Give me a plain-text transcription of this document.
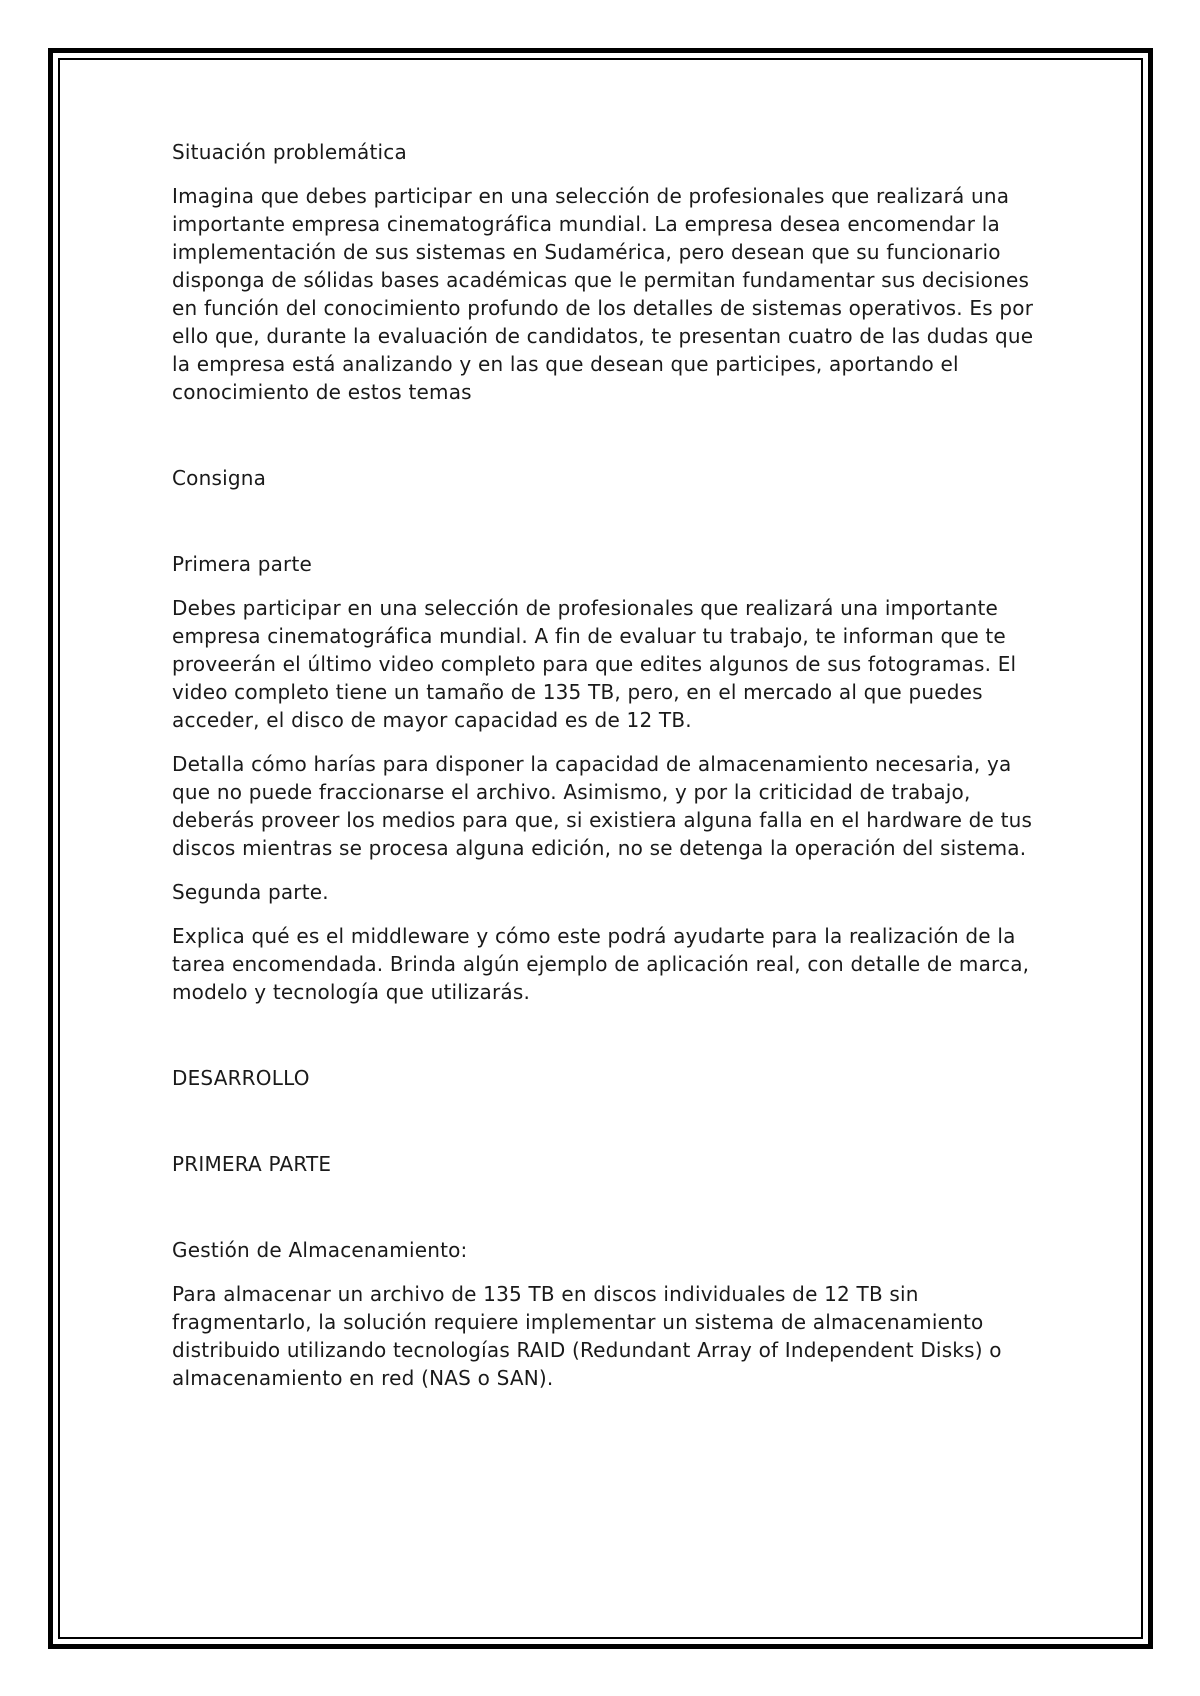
Situación problemática

Imagina que debes participar en una selección de profesionales que realizará una importante empresa cinematográfica mundial. La empresa desea encomendar la implementación de sus sistemas en Sudamérica, pero desean que su funcionario disponga de sólidas bases académicas que le permitan fundamentar sus decisiones en función del conocimiento profundo de los detalles de sistemas operativos. Es por ello que, durante la evaluación de candidatos, te presentan cuatro de las dudas que la empresa está analizando y en las que desean que participes, aportando el conocimiento de estos temas

Consigna

Primera parte

Debes participar en una selección de profesionales que realizará una importante empresa cinematográfica mundial. A fin de evaluar tu trabajo, te informan que te proveerán el último video completo para que edites algunos de sus fotogramas. El video completo tiene un tamaño de 135 TB, pero, en el mercado al que puedes acceder, el disco de mayor capacidad es de 12 TB.

Detalla cómo harías para disponer la capacidad de almacenamiento necesaria, ya que no puede fraccionarse el archivo. Asimismo, y por la criticidad de trabajo, deberás proveer los medios para que, si existiera alguna falla en el hardware de tus discos mientras se procesa alguna edición, no se detenga la operación del sistema.

Segunda parte.

Explica qué es el middleware y cómo este podrá ayudarte para la realización de la tarea encomendada. Brinda algún ejemplo de aplicación real, con detalle de marca, modelo y tecnología que utilizarás.

DESARROLLO

PRIMERA PARTE

Gestión de Almacenamiento:

Para almacenar un archivo de 135 TB en discos individuales de 12 TB sin fragmentarlo, la solución requiere implementar un sistema de almacenamiento distribuido utilizando tecnologías RAID (Redundant Array of Independent Disks) o almacenamiento en red (NAS o SAN).
